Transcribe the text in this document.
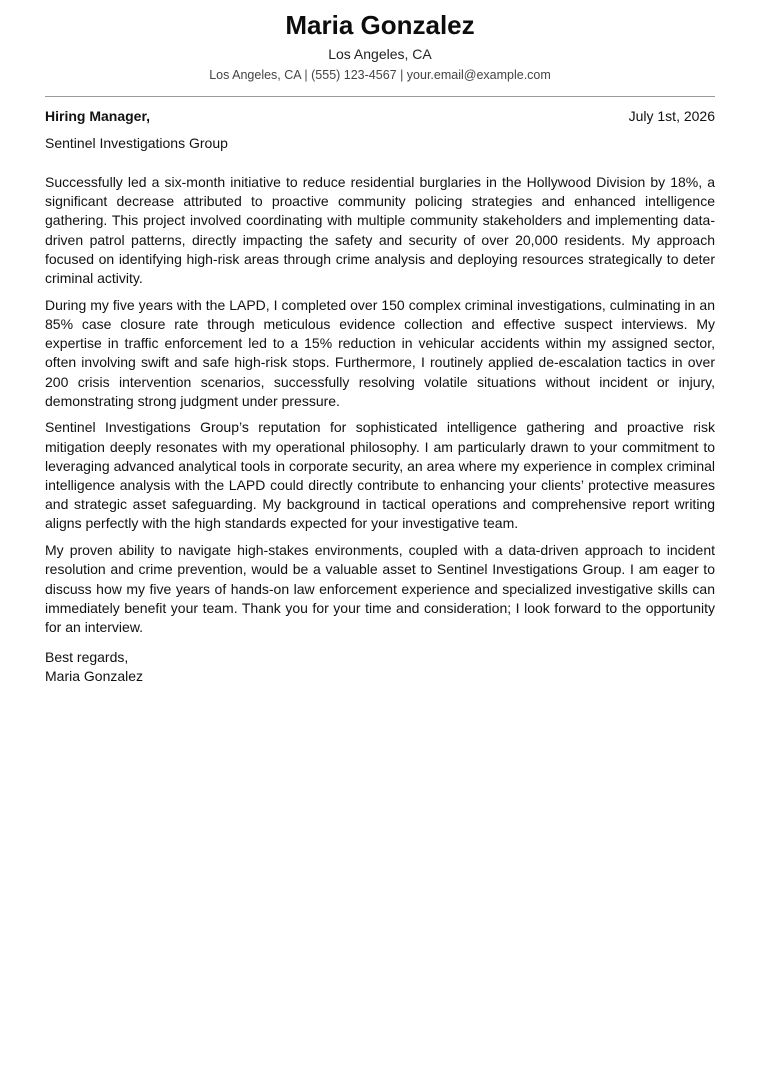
Maria Gonzalez
Los Angeles, CA
Los Angeles, CA | (555) 123-4567 | your.email@example.com
Hiring Manager,	July 1st, 2026
Sentinel Investigations Group

Successfully led a six-month initiative to reduce residential burglaries in the Hollywood Division by 18%, a significant decrease attributed to proactive community policing strategies and enhanced intelligence gathering. This project involved coordinating with multiple community stakeholders and implementing data-driven patrol patterns, directly impacting the safety and security of over 20,000 residents. My approach focused on identifying high-risk areas through crime analysis and deploying resources strategically to deter criminal activity.

During my five years with the LAPD, I completed over 150 complex criminal investigations, culminating in an 85% case closure rate through meticulous evidence collection and effective suspect interviews. My expertise in traffic enforcement led to a 15% reduction in vehicular accidents within my assigned sector, often involving swift and safe high-risk stops. Furthermore, I routinely applied de-escalation tactics in over 200 crisis intervention scenarios, successfully resolving volatile situations without incident or injury, demonstrating strong judgment under pressure.

Sentinel Investigations Group’s reputation for sophisticated intelligence gathering and proactive risk mitigation deeply resonates with my operational philosophy. I am particularly drawn to your commitment to leveraging advanced analytical tools in corporate security, an area where my experience in complex criminal intelligence analysis with the LAPD could directly contribute to enhancing your clients’ protective measures and strategic asset safeguarding. My background in tactical operations and comprehensive report writing aligns perfectly with the high standards expected for your investigative team.

My proven ability to navigate high-stakes environments, coupled with a data-driven approach to incident resolution and crime prevention, would be a valuable asset to Sentinel Investigations Group. I am eager to discuss how my five years of hands-on law enforcement experience and specialized investigative skills can immediately benefit your team. Thank you for your time and consideration; I look forward to the opportunity for an interview.

Best regards,
Maria Gonzalez
